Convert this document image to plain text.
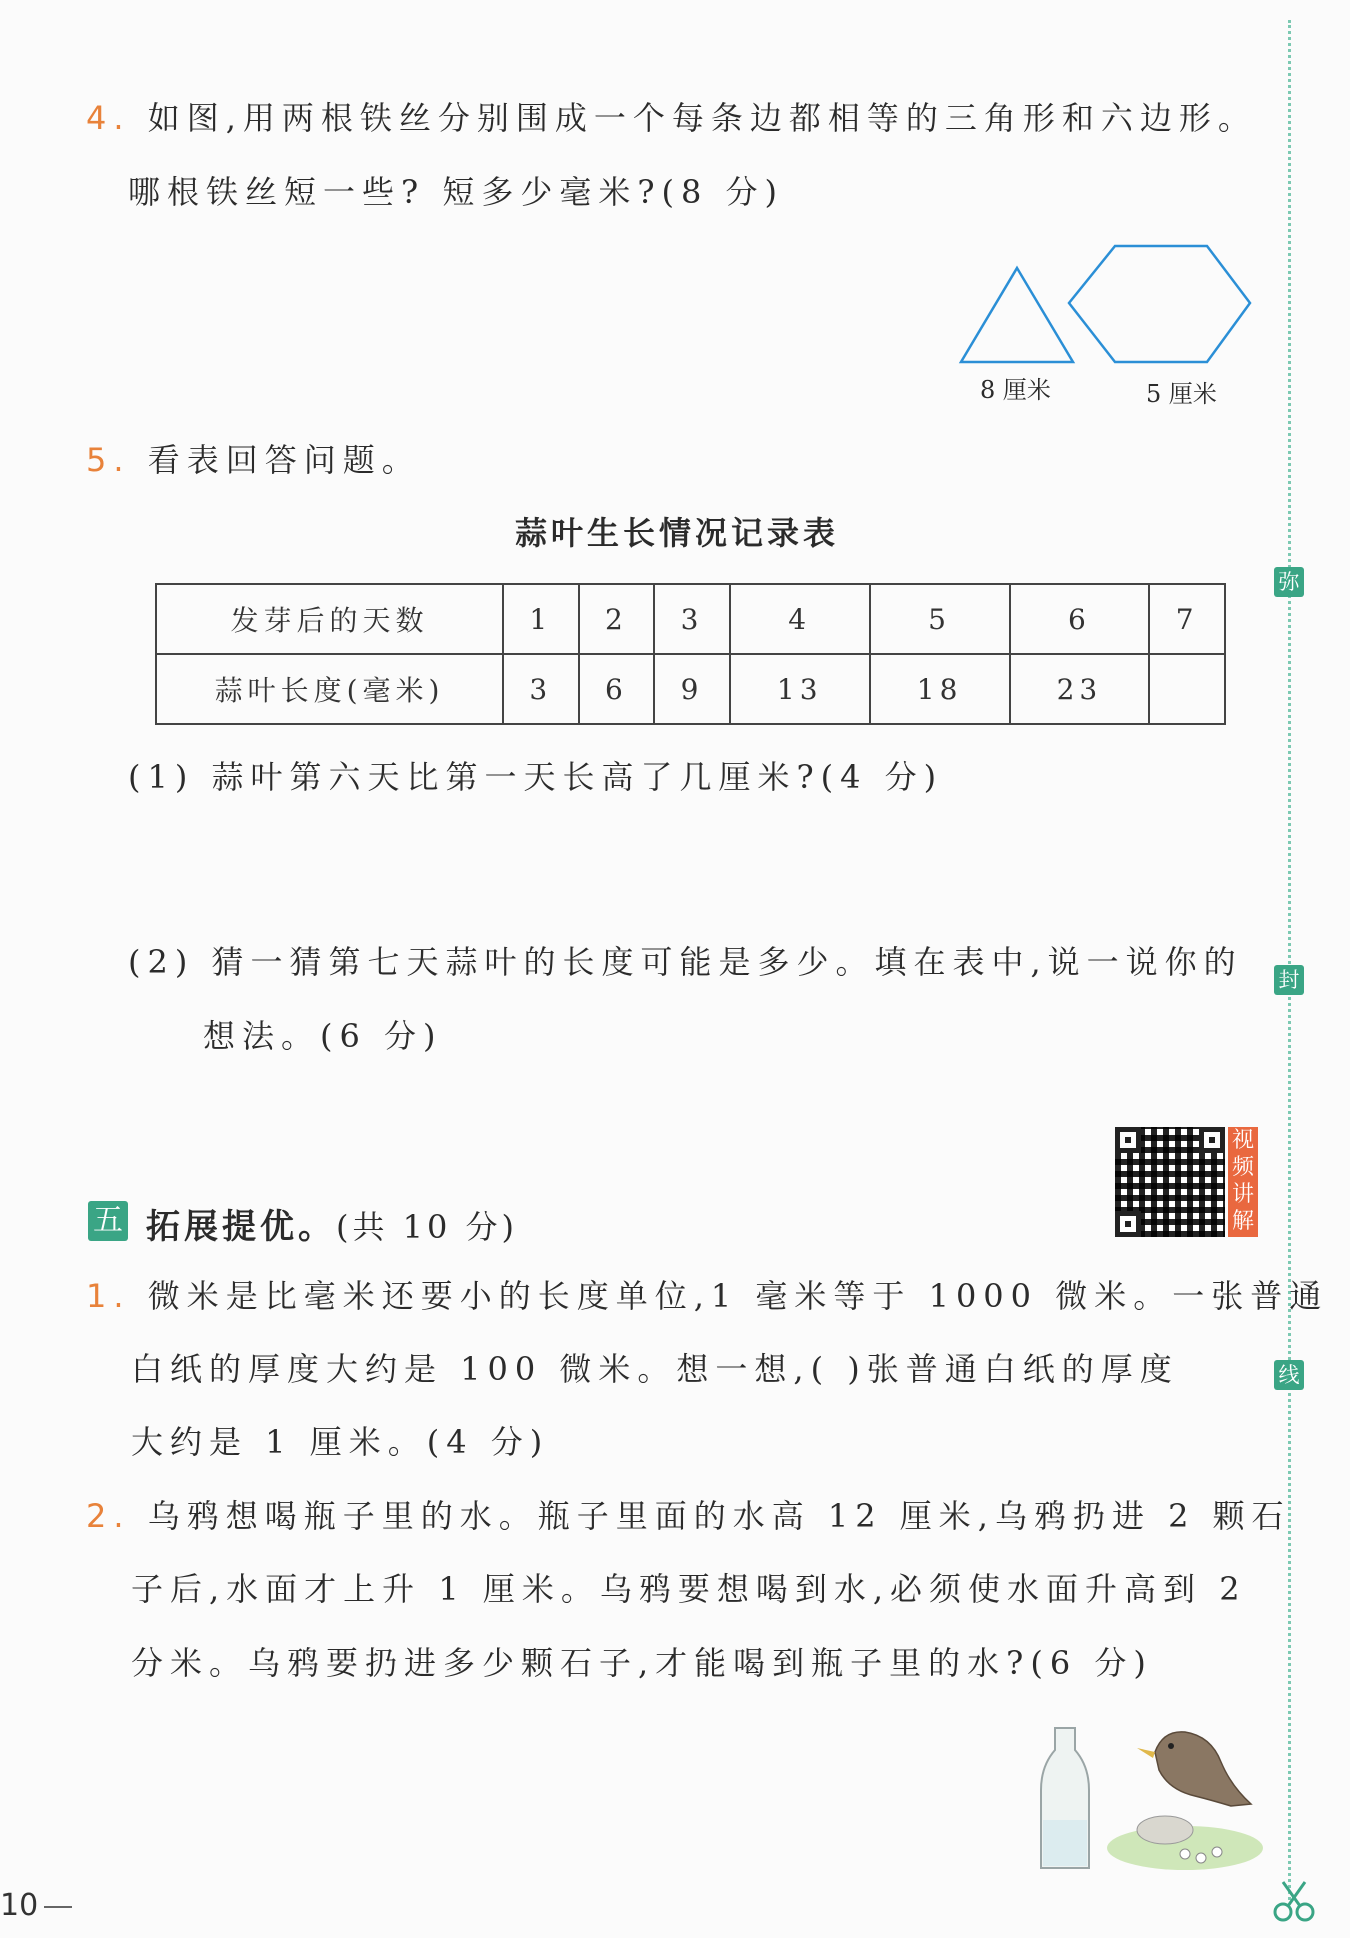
弥
封
线
4. 如图,用两根铁丝分别围成一个每条边都相等的三角形和六边形。
哪根铁丝短一些? 短多少毫米?(8 分)
8 厘米	5 厘米
5. 看表回答问题。
蒜叶生长情况记录表
发芽后的天数	1	2	3	4	5	6	7
蒜叶长度(毫米)	3	6	9	13	18	23	
(1) 蒜叶第六天比第一天长高了几厘米?(4 分)
(2) 猜一猜第七天蒜叶的长度可能是多少。填在表中,说一说你的
想法。(6 分)
视频讲解
五 拓展提优。(共 10 分)
1. 微米是比毫米还要小的长度单位,1 毫米等于 1000 微米。一张普通
白纸的厚度大约是 100 微米。想一想,( )张普通白纸的厚度
大约是 1 厘米。(4 分)
2. 乌鸦想喝瓶子里的水。瓶子里面的水高 12 厘米,乌鸦扔进 2 颗石
子后,水面才上升 1 厘米。乌鸦要想喝到水,必须使水面升高到 2
分米。乌鸦要扔进多少颗石子,才能喝到瓶子里的水?(6 分)
10
